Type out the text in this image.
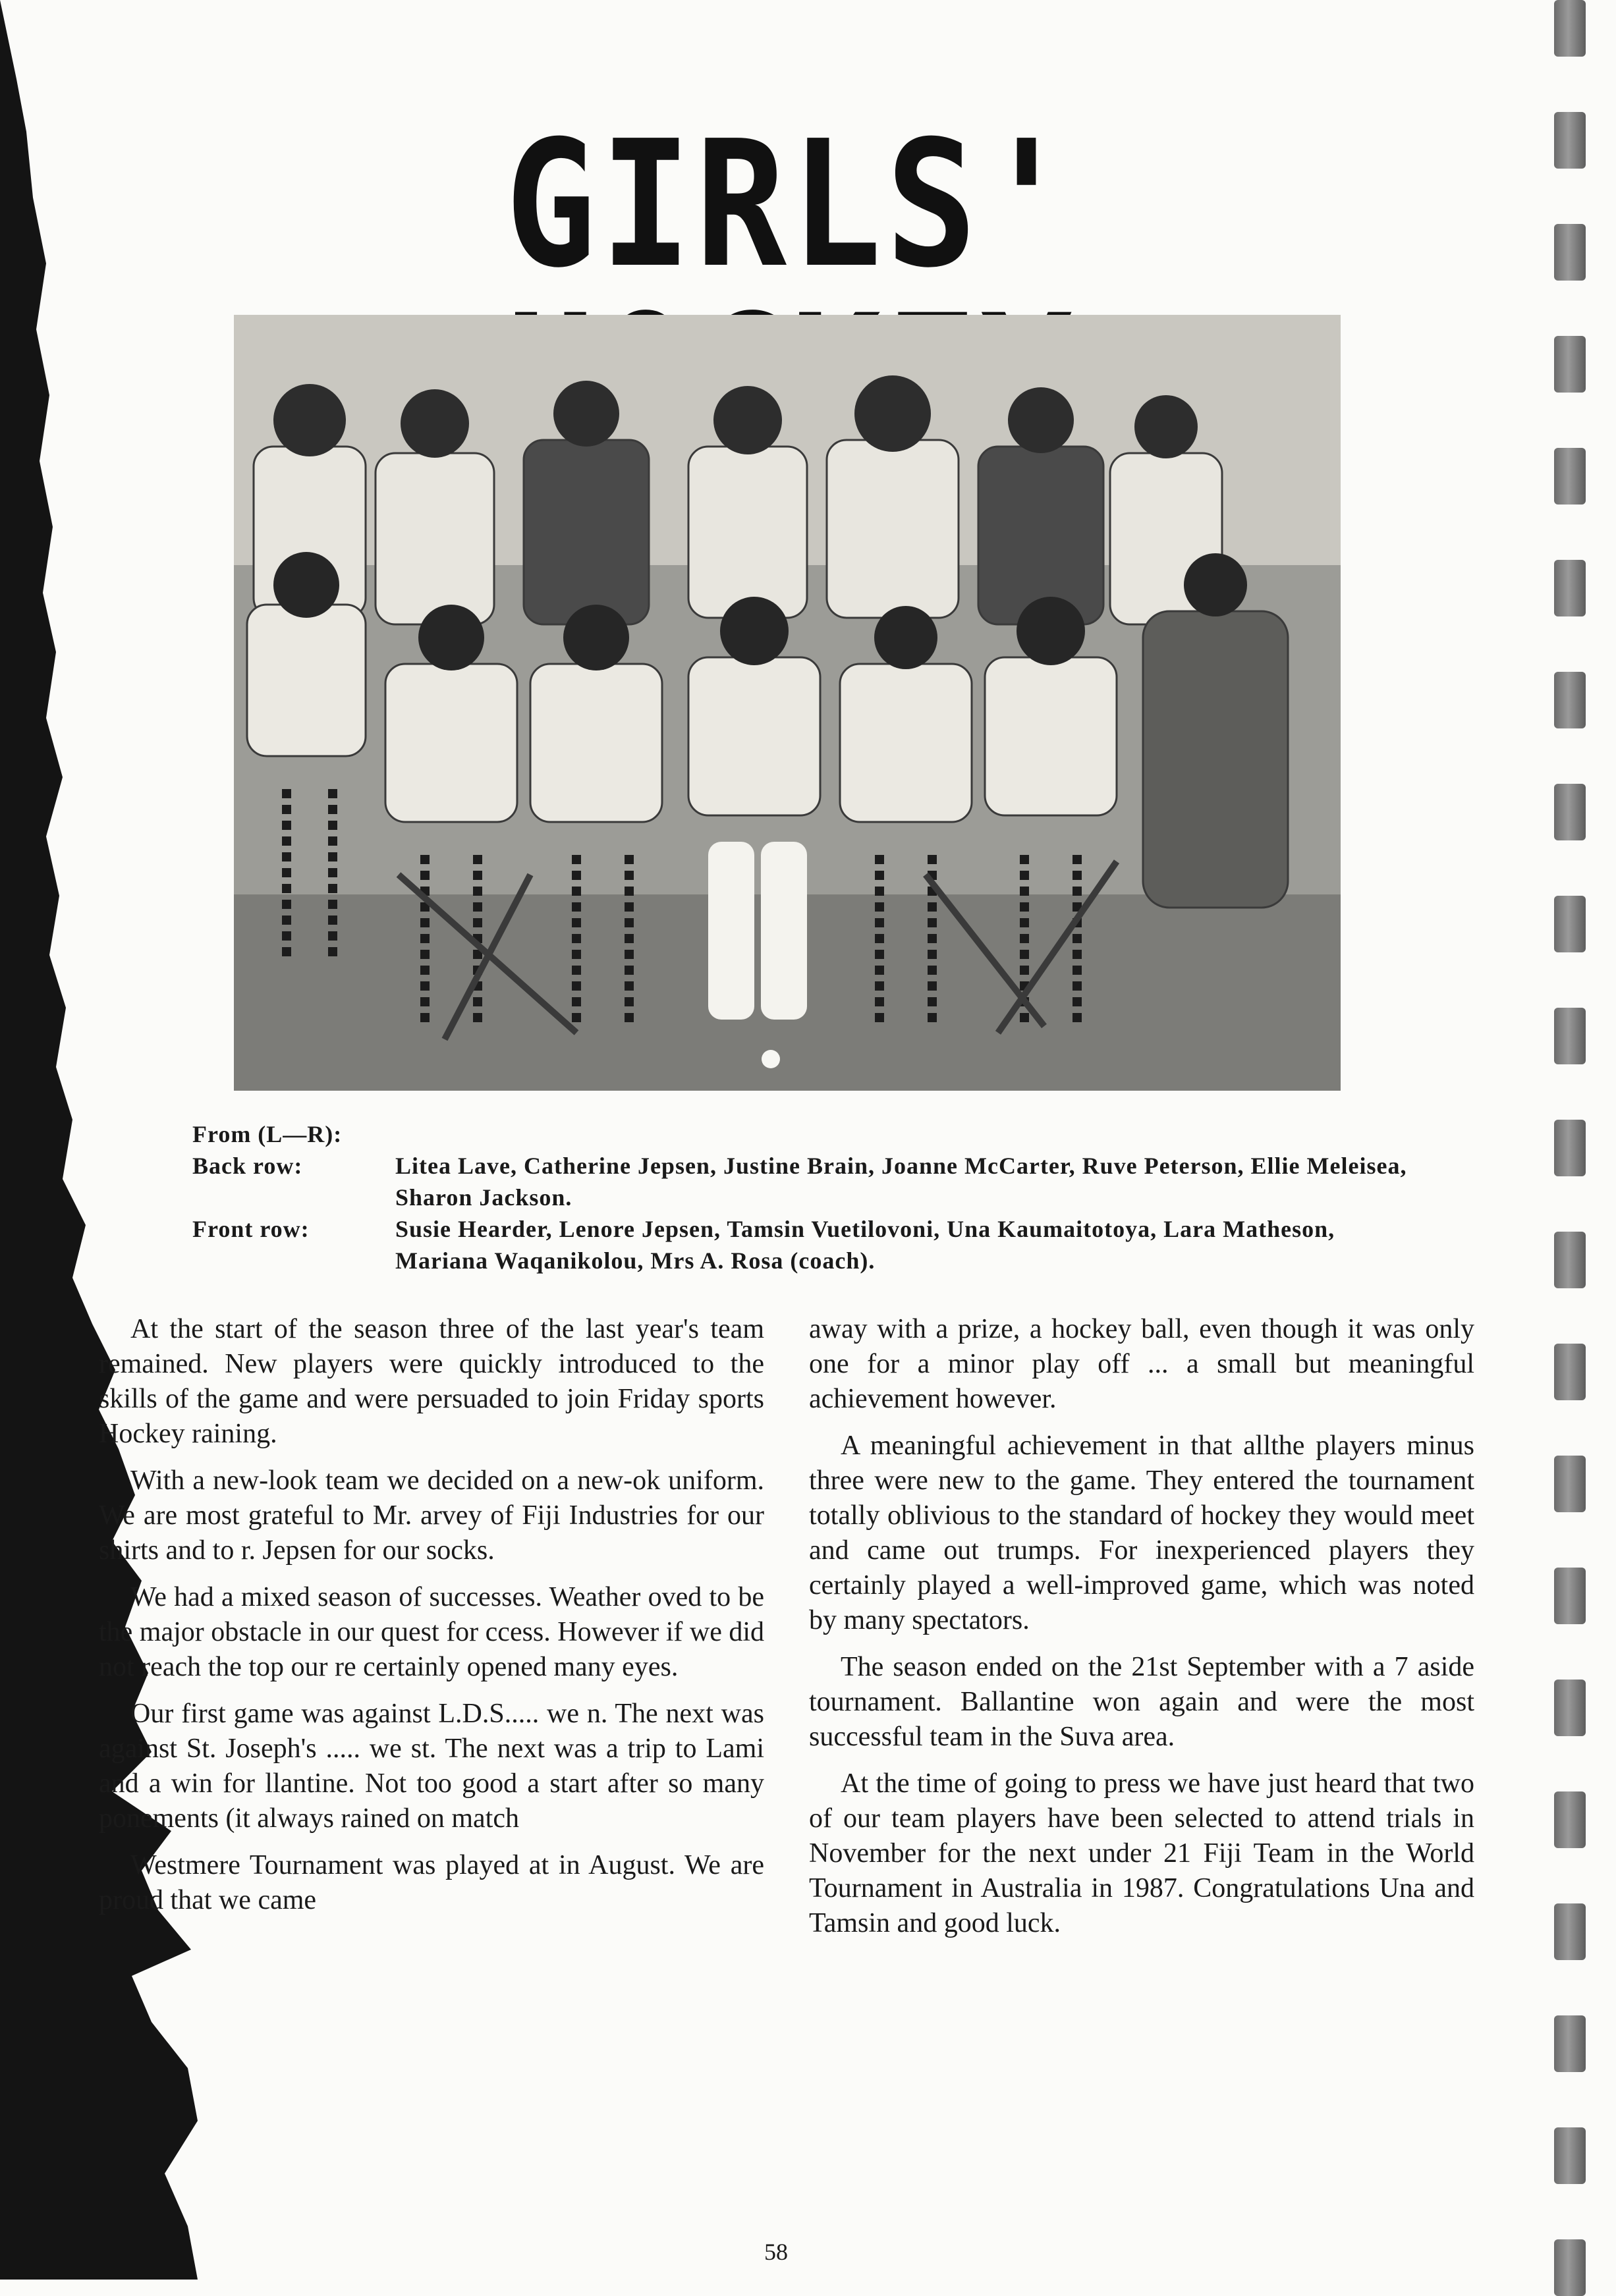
GIRLS'
From (L—R):
Back row:	Litea Lave, Catherine Jepsen, Justine Brain, Joanne McCarter, Ruve Peterson, Ellie Meleisea, Sharon Jackson.
Front row:	Susie Hearder, Lenore Jepsen, Tamsin Vuetilovoni, Una Kaumaitotoya, Lara Matheson, Mariana Waqanikolou, Mrs A. Rosa (coach).

At the start of the season three of the last year's team remained. New players were quickly introduced to the skills of the game and were persuaded to join Friday sports Hockey raining.

With a new-look team we decided on a new-ok uniform. We are most grateful to Mr. arvey of Fiji Industries for our shirts and to r. Jepsen for our socks.

We had a mixed season of successes. Weather oved to be the major obstacle in our quest for ccess. However if we did not reach the top our re certainly opened many eyes.

Our first game was against L.D.S..... we n. The next was against St. Joseph's ..... we st. The next was a trip to Lami and a win for llantine. Not too good a start after so many ponements (it always rained on match

Westmere Tournament was played at in August. We are proud that we came

away with a prize, a hockey ball, even though it was only one for a minor play off ... a small but meaningful achievement however.

A meaningful achievement in that allthe players minus three were new to the game. They entered the tournament totally oblivious to the standard of hockey they would meet and came out trumps. For inexperienced players they certainly played a well-improved game, which was noted by many spectators.

The season ended on the 21st September with a 7 aside tournament. Ballantine won again and were the most successful team in the Suva area.

At the time of going to press we have just heard that two of our team players have been selected to attend trials in November for the next under 21 Fiji Team in the World Tournament in Australia in 1987. Congratulations Una and Tamsin and good luck.

58
